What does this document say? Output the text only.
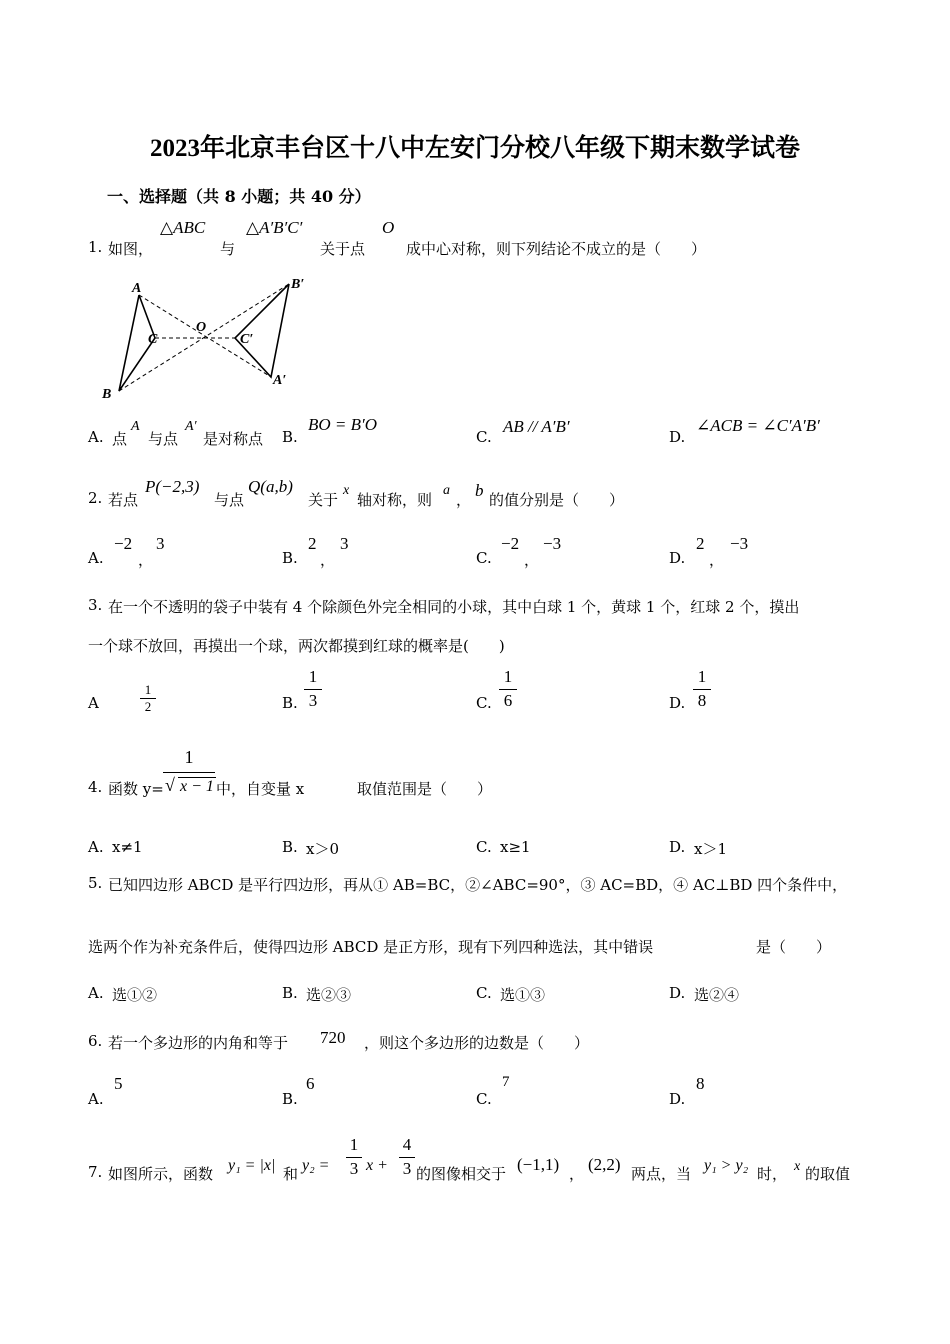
2023年北京丰台区十八中左安门分校八年级下期末数学试卷
一、选择题（共 8 小题；共 40 分）
1. 如图，
△ABC
与
△A′B′C′
关于点
O
成中心对称，则下列结论不成立的是（　　）
A
B
C
O
B′
A′
C′
A. 点
A
与点
A′
是对称点 B.
BO = B′O
C.
AB // A′B′
D.
∠ACB = ∠C′A′B′
2. 若点
P(−2,3)
与点
Q(a,b)
关于
x
轴对称，则
a
， b 的值分别是（　　）
A.
−2
，
3
B.
2
，
3
C.
−2
，
−3
D.
2
，
−3
3. 在一个不透明的袋子中装有 4 个除颜色外完全相同的小球，其中白球 1 个，黄球 1 个，红球 2 个，摸出
一个球不放回，再摸出一个球，两次都摸到红球的概率是(　　)
A
1
2	B.
1
3	C.
1
6	D.
1
8
4. 函数 y=
1
√ x − 1 中，自变量 x	取值范围是（　　）
A. x≠1	B. x＞0	C. x≥1	D. x＞1
5. 已知四边形 ABCD 是平行四边形，再从① AB=BC，②∠ABC=90°，③ AC=BD，④ AC⊥BD 四个条件中，
选两个作为补充条件后，使得四边形 ABCD 是正方形，现有下列四种选法，其中错误	是（　　）
A. 选①②	B. 选②③	C. 选①③	D. 选②④
6. 若一个多边形的内角和等于 720 ，则这个多边形的边数是（　　）
A.
5
B.
6
C.
7
D.
8
7. 如图所示，函数 y₁ = |x| 和 y₂ =
1
3 x +
4
3 的图像相交于 (−1,1) ， (2,2) 两点，当 y₁ > y₂ 时， x 的取值
